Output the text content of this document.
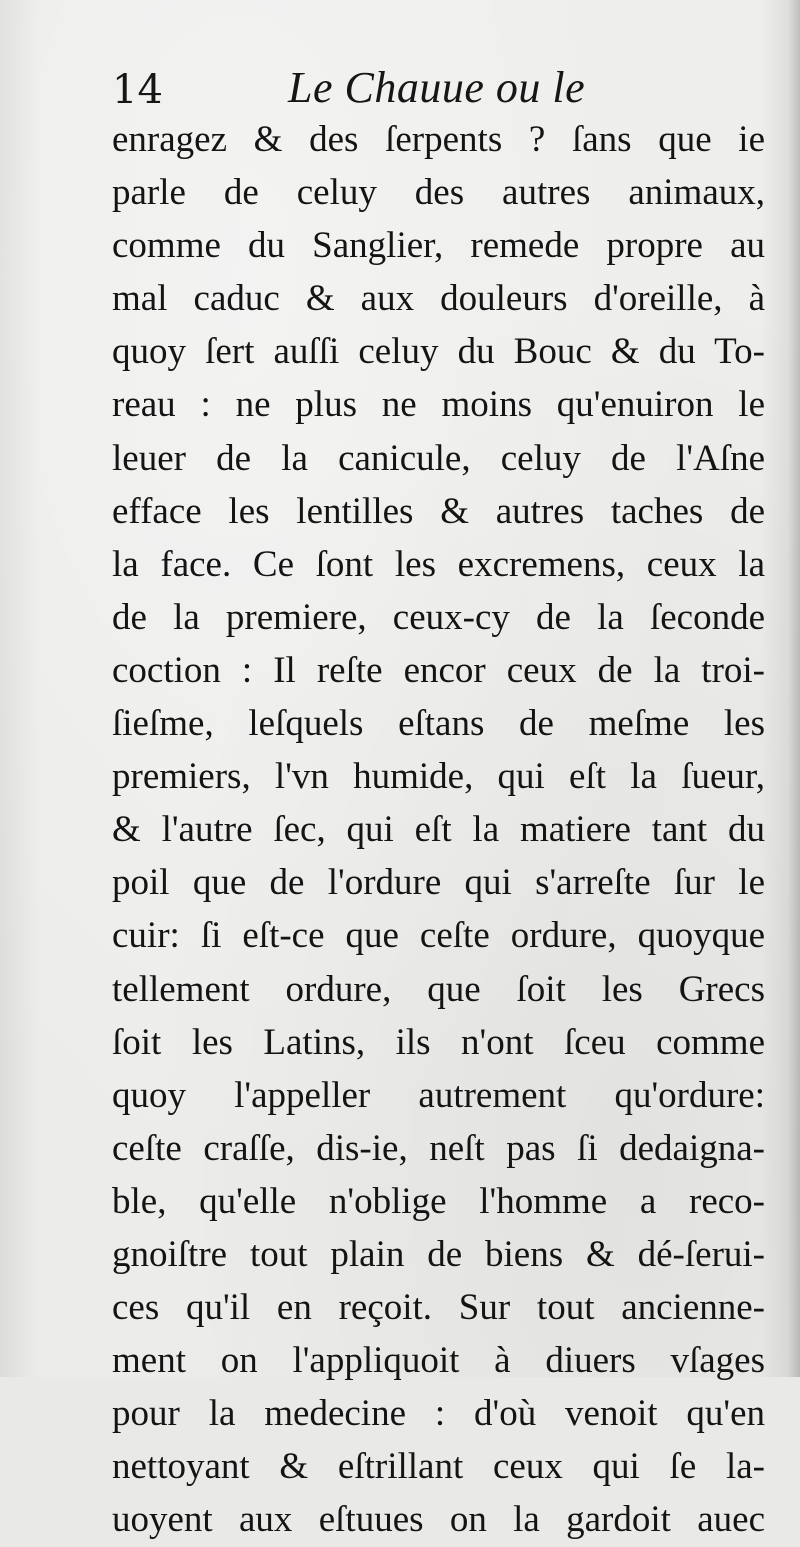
14	Le Chauue ou le
enragez & des ſerpents ? ſans que ie
parle de celuy des autres animaux,
comme du Sanglier, remede propre au
mal caduc & aux douleurs d'oreille, à
quoy ſert auſſi celuy du Bouc & du To-
reau : ne plus ne moins qu'enuiron le
leuer de la canicule, celuy de l'Aſne
efface les lentilles & autres taches de
la face. Ce ſont les excremens, ceux la
de la premiere, ceux-cy de la ſeconde
coction : Il reſte encor ceux de la troi-
ſieſme, leſquels eſtans de meſme les
premiers, l'vn humide, qui eſt la ſueur,
& l'autre ſec, qui eſt la matiere tant du
poil que de l'ordure qui s'arreſte ſur le
cuir: ſi eſt-ce que ceſte ordure, quoyque
tellement ordure, que ſoit les Grecs
ſoit les Latins, ils n'ont ſceu comme
quoy l'appeller autrement qu'ordure:
ceſte craſſe, dis-ie, neſt pas ſi dedaigna-
ble, qu'elle n'oblige l'homme a reco-
gnoiſtre tout plain de biens & dé-ſerui-
ces qu'il en reçoit. Sur tout ancienne-
ment on l'appliquoit à diuers vſages
pour la medecine : d'où venoit qu'en
nettoyant & eſtrillant ceux qui ſe la-
uoyent aux eſtuues on la gardoit auec
